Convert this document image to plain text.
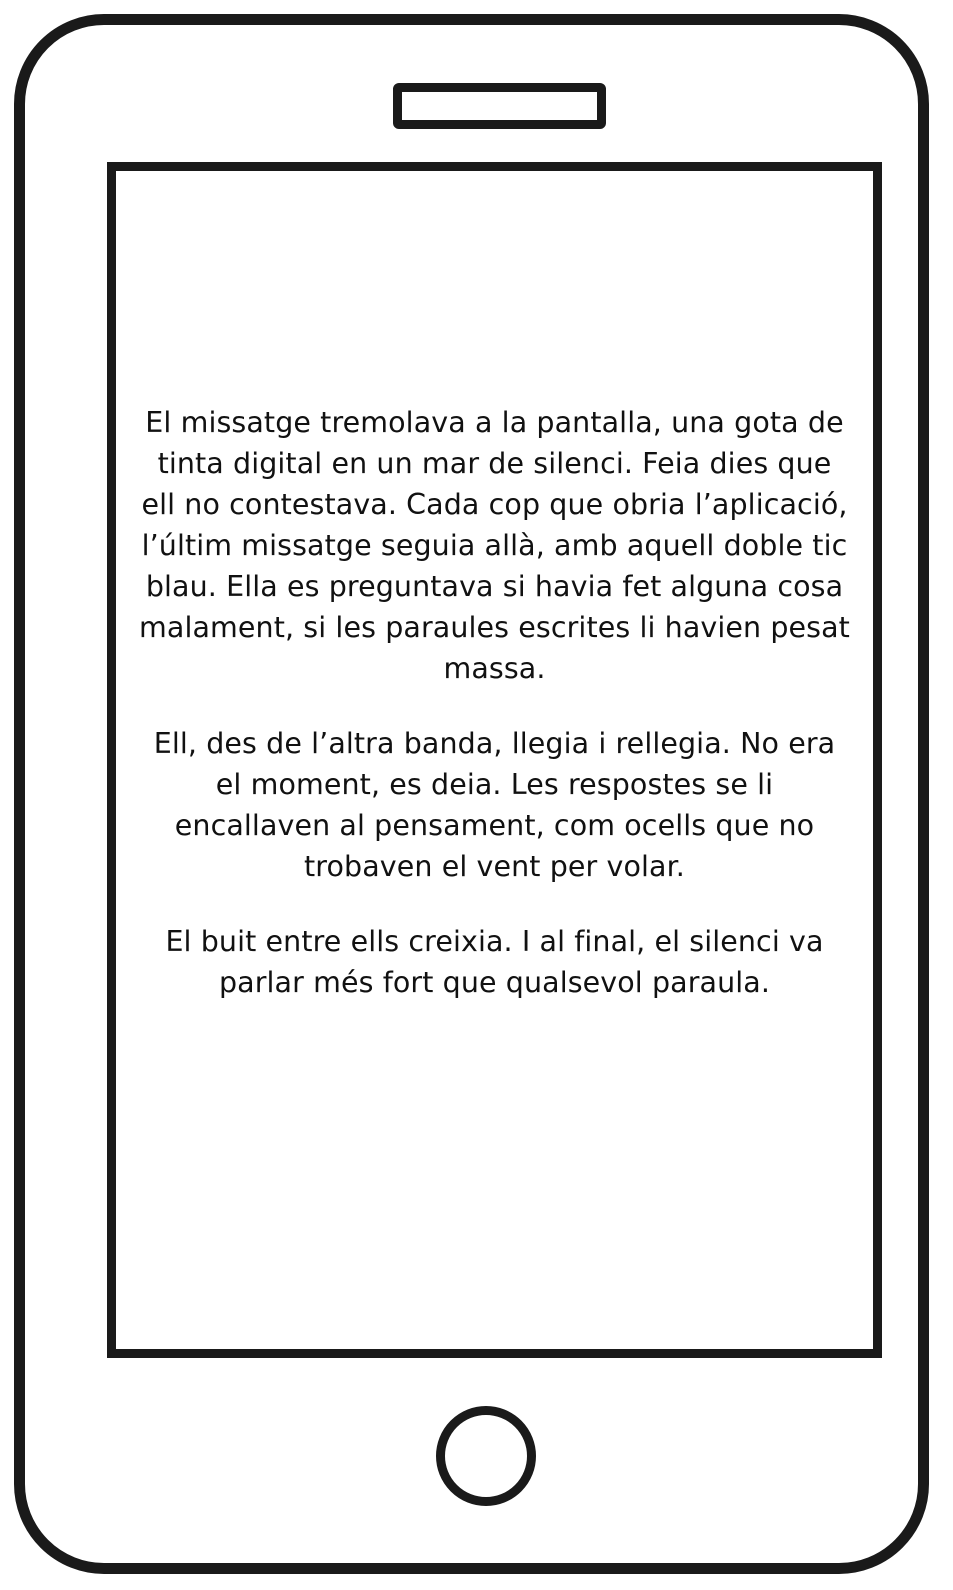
El missatge tremolava a la pantalla, una gota de tinta digital en un mar de silenci. Feia dies que ell no contestava. Cada cop que obria l’aplicació, l’últim missatge seguia allà, amb aquell doble tic blau. Ella es preguntava si havia fet alguna cosa malament, si les paraules escrites li havien pesat massa.

Ell, des de l’altra banda, llegia i rellegia. No era el moment, es deia. Les respostes se li encallaven al pensament, com ocells que no trobaven el vent per volar.

El buit entre ells creixia. I al final, el silenci va parlar més fort que qualsevol paraula.
